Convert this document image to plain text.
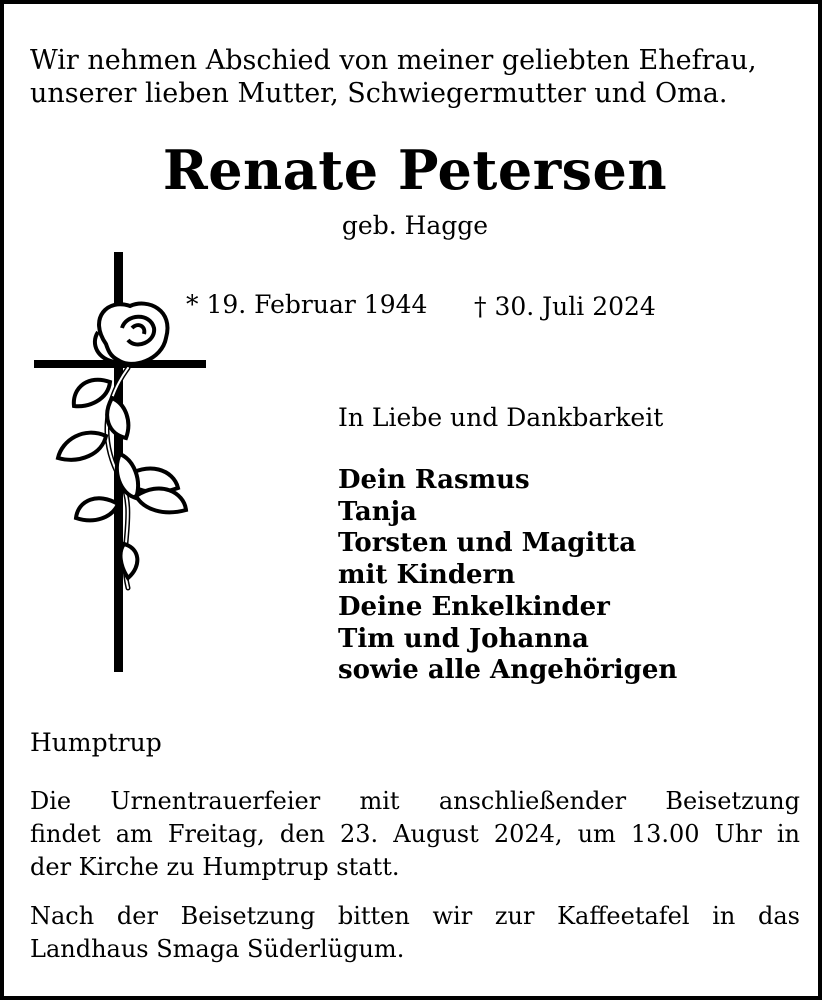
Wir nehmen Abschied von meiner geliebten Ehefrau,
unserer lieben Mutter, Schwiegermutter und Oma.

Renate Petersen
geb. Hagge
* 19. Februar 1944 † 30. Juli 2024
In Liebe und Dankbarkeit
Dein Rasmus
Tanja
Torsten und Magitta
mit Kindern
Deine Enkelkinder
Tim und Johanna
sowie alle Angehörigen
Humptrup

Die Urnentrauerfeier mit anschließender Beisetzung
findet am Freitag, den 23. August 2024, um 13.00 Uhr in
der Kirche zu Humptrup statt.

Nach der Beisetzung bitten wir zur Kaffeetafel in das
Landhaus Smaga Süderlügum.
